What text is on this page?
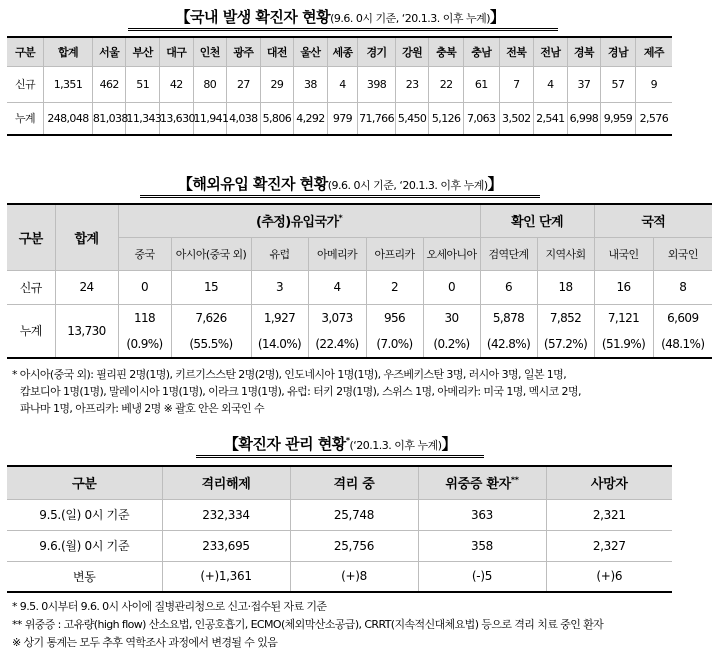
【국내 발생 확진자 현황(9.6. 0시 기준, ‘20.1.3. 이후 누계)】
구분	합계	서울	부산	대구	인천	광주	대전	울산	세종	경기	강원	충북	충남	전북	전남	경북	경남	제주
신규	1,351	462	51	42	80	27	29	38	4	398	23	22	61	7	4	37	57	9
누계	248,048	81,038	11,343	13,630	11,941	4,038	5,806	4,292	979	71,766	5,450	5,126	7,063	3,502	2,541	6,998	9,959	2,576
【해외유입 확진자 현황(9.6. 0시 기준, ‘20.1.3. 이후 누계)】
구분	합계	(추정)유입국가*						확인 단계		국적	
		중국	아시아(중국 외)	유럽	아메리카	아프리카	오세아니아	검역단계	지역사회	내국인	외국인
신규	24	0	15	3	4	2	0	6	18	16	8
누계	13,730	118	7,626	1,927	3,073	956	30	5,878	7,852	7,121	6,609
		(0.9%)	(55.5%)	(14.0%)	(22.4%)	(7.0%)	(0.2%)	(42.8%)	(57.2%)	(51.9%)	(48.1%)
* 아시아(중국 외): 필리핀 2명(1명), 키르기스스탄 2명(2명), 인도네시아 1명(1명), 우즈베키스탄 3명, 러시아 3명, 일본 1명,
캄보디아 1명(1명), 말레이시아 1명(1명), 이라크 1명(1명), 유럽: 터키 2명(1명), 스위스 1명, 아메리카: 미국 1명, 멕시코 2명,
파나마 1명, 아프리카: 베냉 2명 ※ 괄호 안은 외국인 수
【확진자 관리 현황*(‘20.1.3. 이후 누계)】
구분	격리해제	격리 중	위중증 환자**	사망자
9.5.(일) 0시 기준	232,334	25,748	363	2,321
9.6.(월) 0시 기준	233,695	25,756	358	2,327
변동	(+)1,361	(+)8	(-)5	(+)6
* 9.5. 0시부터 9.6. 0시 사이에 질병관리청으로 신고·접수된 자료 기준
** 위중증 : 고유량(high flow) 산소요법, 인공호흡기, ECMO(체외막산소공급), CRRT(지속적신대체요법) 등으로 격리 치료 중인 환자
※ 상기 통계는 모두 추후 역학조사 과정에서 변경될 수 있음
